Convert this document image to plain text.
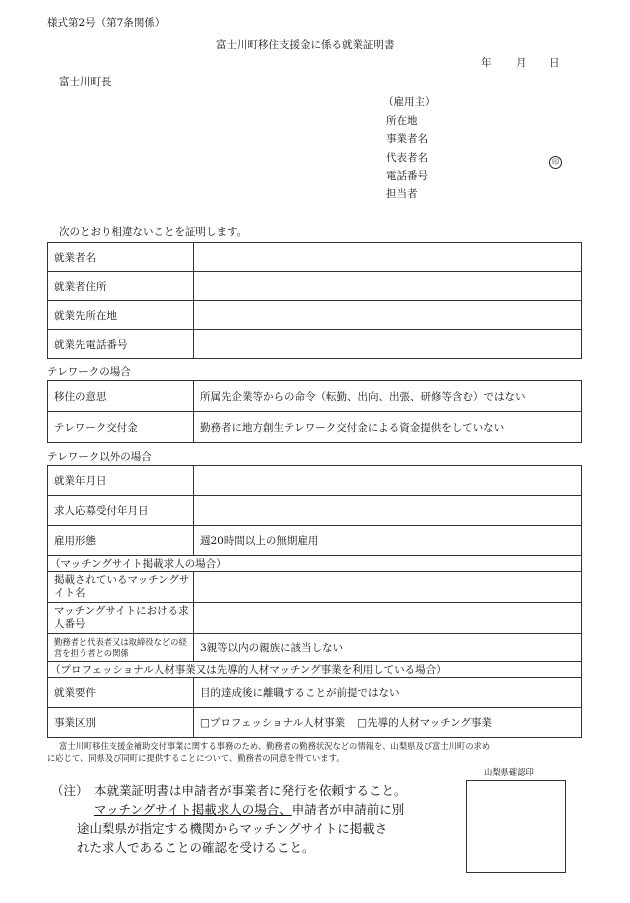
様式第2号（第7条関係）
富士川町移住支援金に係る就業証明書
年 月 日
富士川町長
（雇用主）
所在地
事業者名
代表者名	印
電話番号
担当者
次のとおり相違ないことを証明します。
就業者名	
就業者住所	
就業先所在地	
就業先電話番号	
テレワークの場合
移住の意思	所属先企業等からの命令（転勤、出向、出張、研修等含む）ではない
テレワーク交付金	勤務者に地方創生テレワーク交付金による資金提供をしていない
テレワーク以外の場合
就業年月日	
求人応募受付年月日	
雇用形態	週20時間以上の無期雇用
（マッチングサイト掲載求人の場合）	
掲載されているマッチングサイト名	
マッチングサイトにおける求人番号	
勤務者と代表者又は取締役などの経営を担う者との関係	3親等以内の親族に該当しない
（プロフェッショナル人材事業又は先導的人材マッチング事業を利用している場合）	
就業要件	目的達成後に離職することが前提ではない
事業区別	□プロフェッショナル人材事業 □先導的人材マッチング事業
富士川町移住支援金補助交付事業に関する事務のため、勤務者の勤務状況などの情報を、山梨県及び富士川町の求め
に応じて、同県及び同町に提供することについて、勤務者の同意を得ています。
（注） 本就業証明書は申請者が事業者に発行を依頼すること。
マッチングサイト掲載求人の場合、申請者が申請前に別
途山梨県が指定する機関からマッチングサイトに掲載さ
れた求人であることの確認を受けること。
山梨県確認印
